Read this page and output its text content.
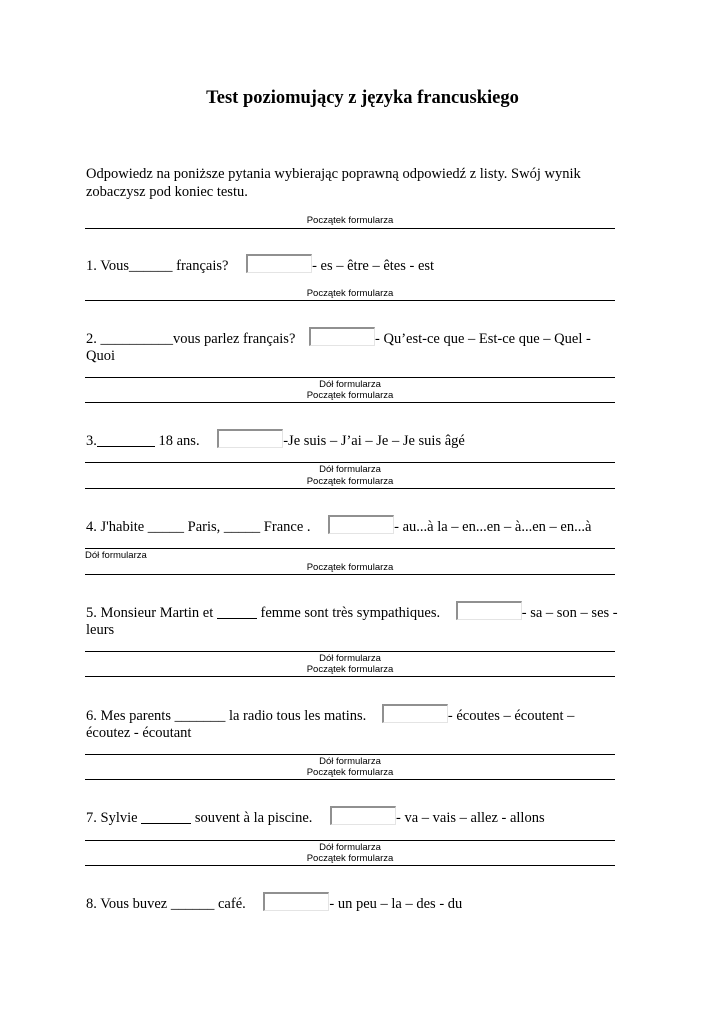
Test poziomujący z języka francuskiego
Odpowiedz na poniższe pytania wybierając poprawną odpowiedź z listy. Swój wynik zobaczysz pod koniec testu.
Początek formularza
1. Vous______ français?	- es – être – êtes - est
Początek formularza
2. __________vous parlez français?	- Qu’est-ce que – Est-ce que – Quel - Quoi
Dół formularza
Początek formularza
3.	18 ans.	-Je suis – J’ai – Je – Je suis âgé
Dół formularza
Początek formularza
4. J'habite _____ Paris, _____ France .	- au...à la – en...en – à...en – en...à
Dół formularza
Początek formularza
5. Monsieur Martin et	femme sont très sympathiques.	- sa – son – ses - leurs
Dół formularza
Początek formularza
6. Mes parents _______ la radio tous les matins.	- écoutes – écoutent – écoutez - écoutant
Dół formularza
Początek formularza
7. Sylvie	souvent à la piscine.	- va – vais – allez - allons
Dół formularza
Początek formularza
8. Vous buvez ______ café.	- un peu – la – des - du
